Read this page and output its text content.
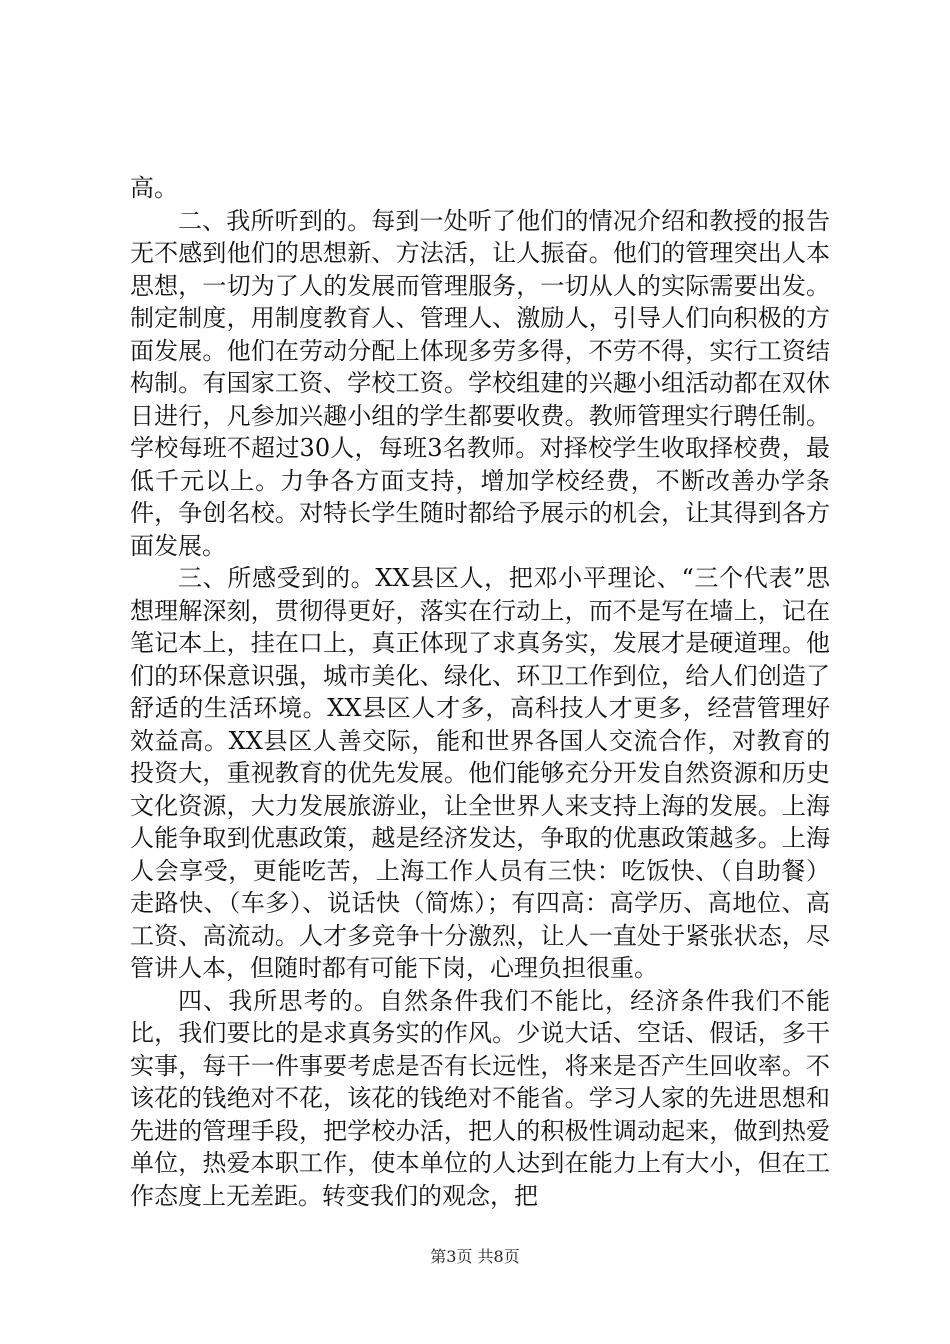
高。

二、我所听到的。每到一处听了他们的情况介绍和教授的报告无不感到他们的思想新、方法活，让人振奋。他们的管理突出人本思想，一切为了人的发展而管理服务，一切从人的实际需要出发。制定制度，用制度教育人、管理人、激励人，引导人们向积极的方面发展。他们在劳动分配上体现多劳多得，不劳不得，实行工资结构制。有国家工资、学校工资。学校组建的兴趣小组活动都在双休日进行，凡参加兴趣小组的学生都要收费。教师管理实行聘任制。学校每班不超过30人，每班3名教师。对择校学生收取择校费，最低千元以上。力争各方面支持，增加学校经费，不断改善办学条件，争创名校。对特长学生随时都给予展示的机会，让其得到各方面发展。

三、所感受到的。XX县区人，把邓小平理论、“三个代表”思想理解深刻，贯彻得更好，落实在行动上，而不是写在墙上，记在笔记本上，挂在口上，真正体现了求真务实，发展才是硬道理。他们的环保意识强，城市美化、绿化、环卫工作到位，给人们创造了舒适的生活环境。XX县区人才多，高科技人才更多，经营管理好效益高。XX县区人善交际，能和世界各国人交流合作，对教育的投资大，重视教育的优先发展。他们能够充分开发自然资源和历史文化资源，大力发展旅游业，让全世界人来支持上海的发展。上海人能争取到优惠政策，越是经济发达，争取的优惠政策越多。上海人会享受，更能吃苦，上海工作人员有三快：吃饭快、（自助餐）走路快、（车多）、说话快（简炼）；有四高：高学历、高地位、高工资、高流动。人才多竞争十分激烈，让人一直处于紧张状态，尽管讲人本，但随时都有可能下岗，心理负担很重。

四、我所思考的。自然条件我们不能比，经济条件我们不能比，我们要比的是求真务实的作风。少说大话、空话、假话，多干实事，每干一件事要考虑是否有长远性，将来是否产生回收率。不该花的钱绝对不花，该花的钱绝对不能省。学习人家的先进思想和先进的管理手段，把学校办活，把人的积极性调动起来，做到热爱单位，热爱本职工作，使本单位的人达到在能力上有大小，但在工作态度上无差距。转变我们的观念，把

第3页 共8页
